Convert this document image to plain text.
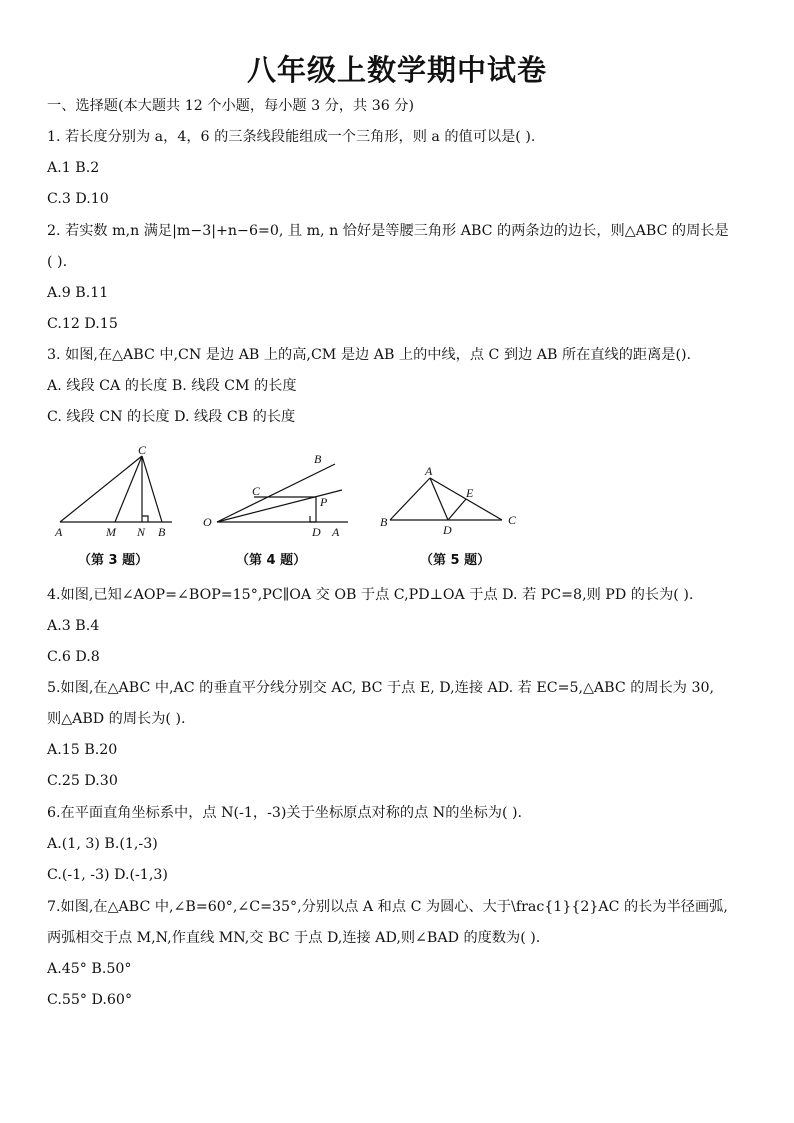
八年级上数学期中试卷
一、选择题(本大题共 12 个小题，每小题 3 分，共 36 分)
1. 若长度分别为 a，4，6 的三条线段能组成一个三角形，则 a 的值可以是( ).
A.1 B.2
C.3 D.10
2. 若实数 m,n 满足|m−3|+n−6=0, 且 m, n 恰好是等腰三角形 ABC 的两条边的边长，则△ABC 的周长是
( ).
A.9 B.11
C.12 D.15
3. 如图,在△ABC 中,CN 是边 AB 上的高,CM 是边 AB 上的中线，点 C 到边 AB 所在直线的距离是().
A. 线段 CA 的长度 B. 线段 CM 的长度
C. 线段 CN 的长度 D. 线段 CB 的长度
C
A	M N B
（第 3 题）
B
C
P
O
D A
（第 4 题）
A
E
B
D
C
（第 5 题）
4.如图,已知∠AOP=∠BOP=15°,PC∥OA 交 OB 于点 C,PD⊥OA 于点 D. 若 PC=8,则 PD 的长为( ).
A.3 B.4
C.6 D.8
5.如图,在△ABC 中,AC 的垂直平分线分别交 AC, BC 于点 E, D,连接 AD. 若 EC=5,△ABC 的周长为 30,
则△ABD 的周长为( ).
A.15 B.20
C.25 D.30
6.在平面直角坐标系中，点 N(-1，-3)关于坐标原点对称的点 N的坐标为( ).
A.(1, 3) B.(1,-3)
C.(-1, -3) D.(-1,3)
7.如图,在△ABC 中,∠B=60°,∠C=35°,分别以点 A 和点 C 为圆心、大于\frac{1}{2}AC 的长为半径画弧,
两弧相交于点 M,N,作直线 MN,交 BC 于点 D,连接 AD,则∠BAD 的度数为( ).
A.45° B.50°
C.55° D.60°
